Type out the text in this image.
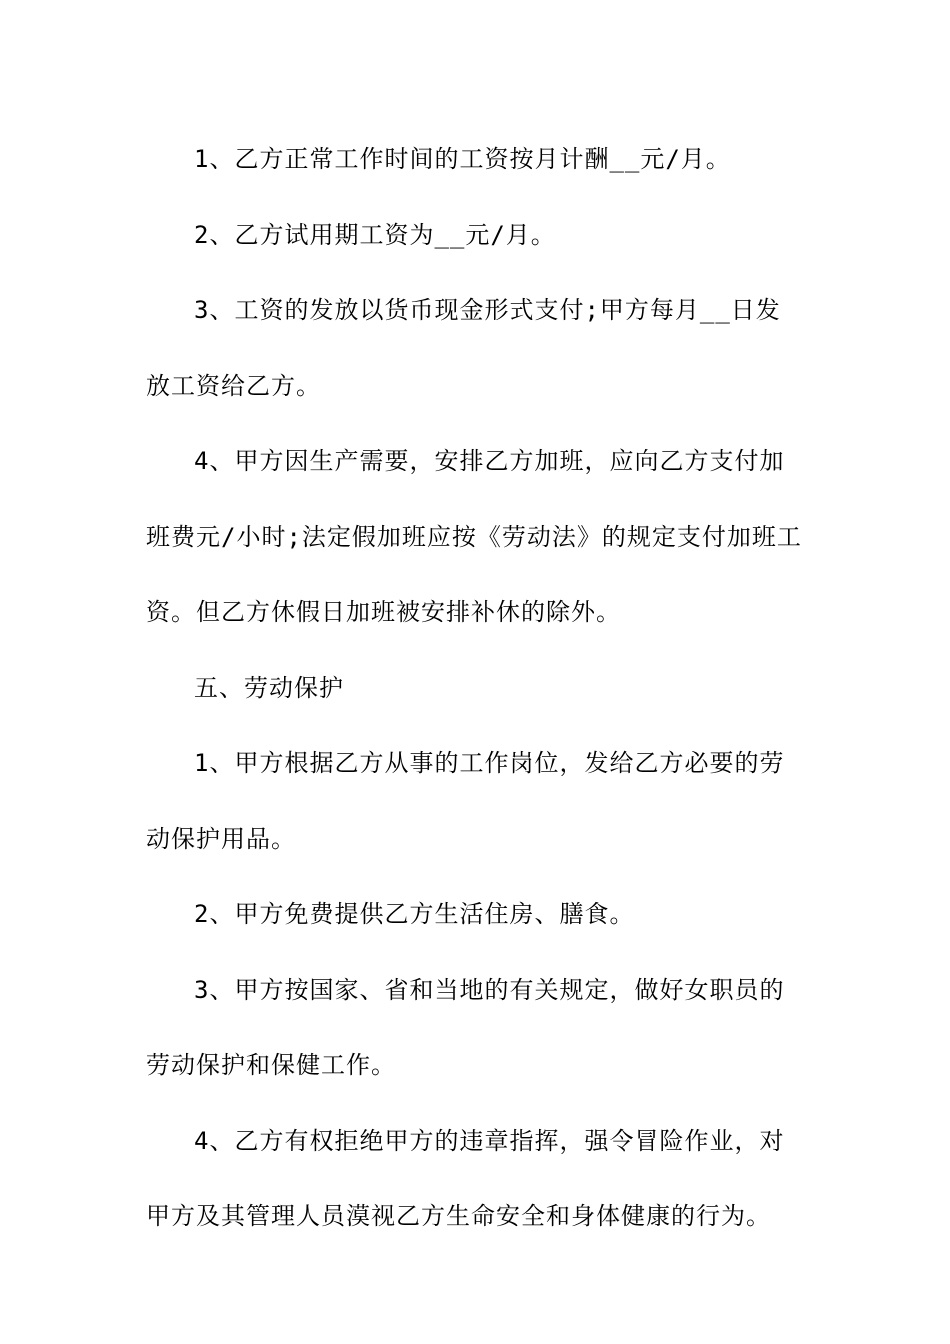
1、乙方正常工作时间的工资按月计酬__元/月。

2、乙方试用期工资为__元/月。

3、工资的发放以货币现金形式支付;甲方每月__日发放工资给乙方。

4、甲方因生产需要，安排乙方加班，应向乙方支付加班费元/小时;法定假加班应按《劳动法》的规定支付加班工资。但乙方休假日加班被安排补休的除外。

五、劳动保护

1、甲方根据乙方从事的工作岗位，发给乙方必要的劳动保护用品。

2、甲方免费提供乙方生活住房、膳食。

3、甲方按国家、省和当地的有关规定，做好女职员的劳动保护和保健工作。

4、乙方有权拒绝甲方的违章指挥，强令冒险作业，对甲方及其管理人员漠视乙方生命安全和身体健康的行为。
